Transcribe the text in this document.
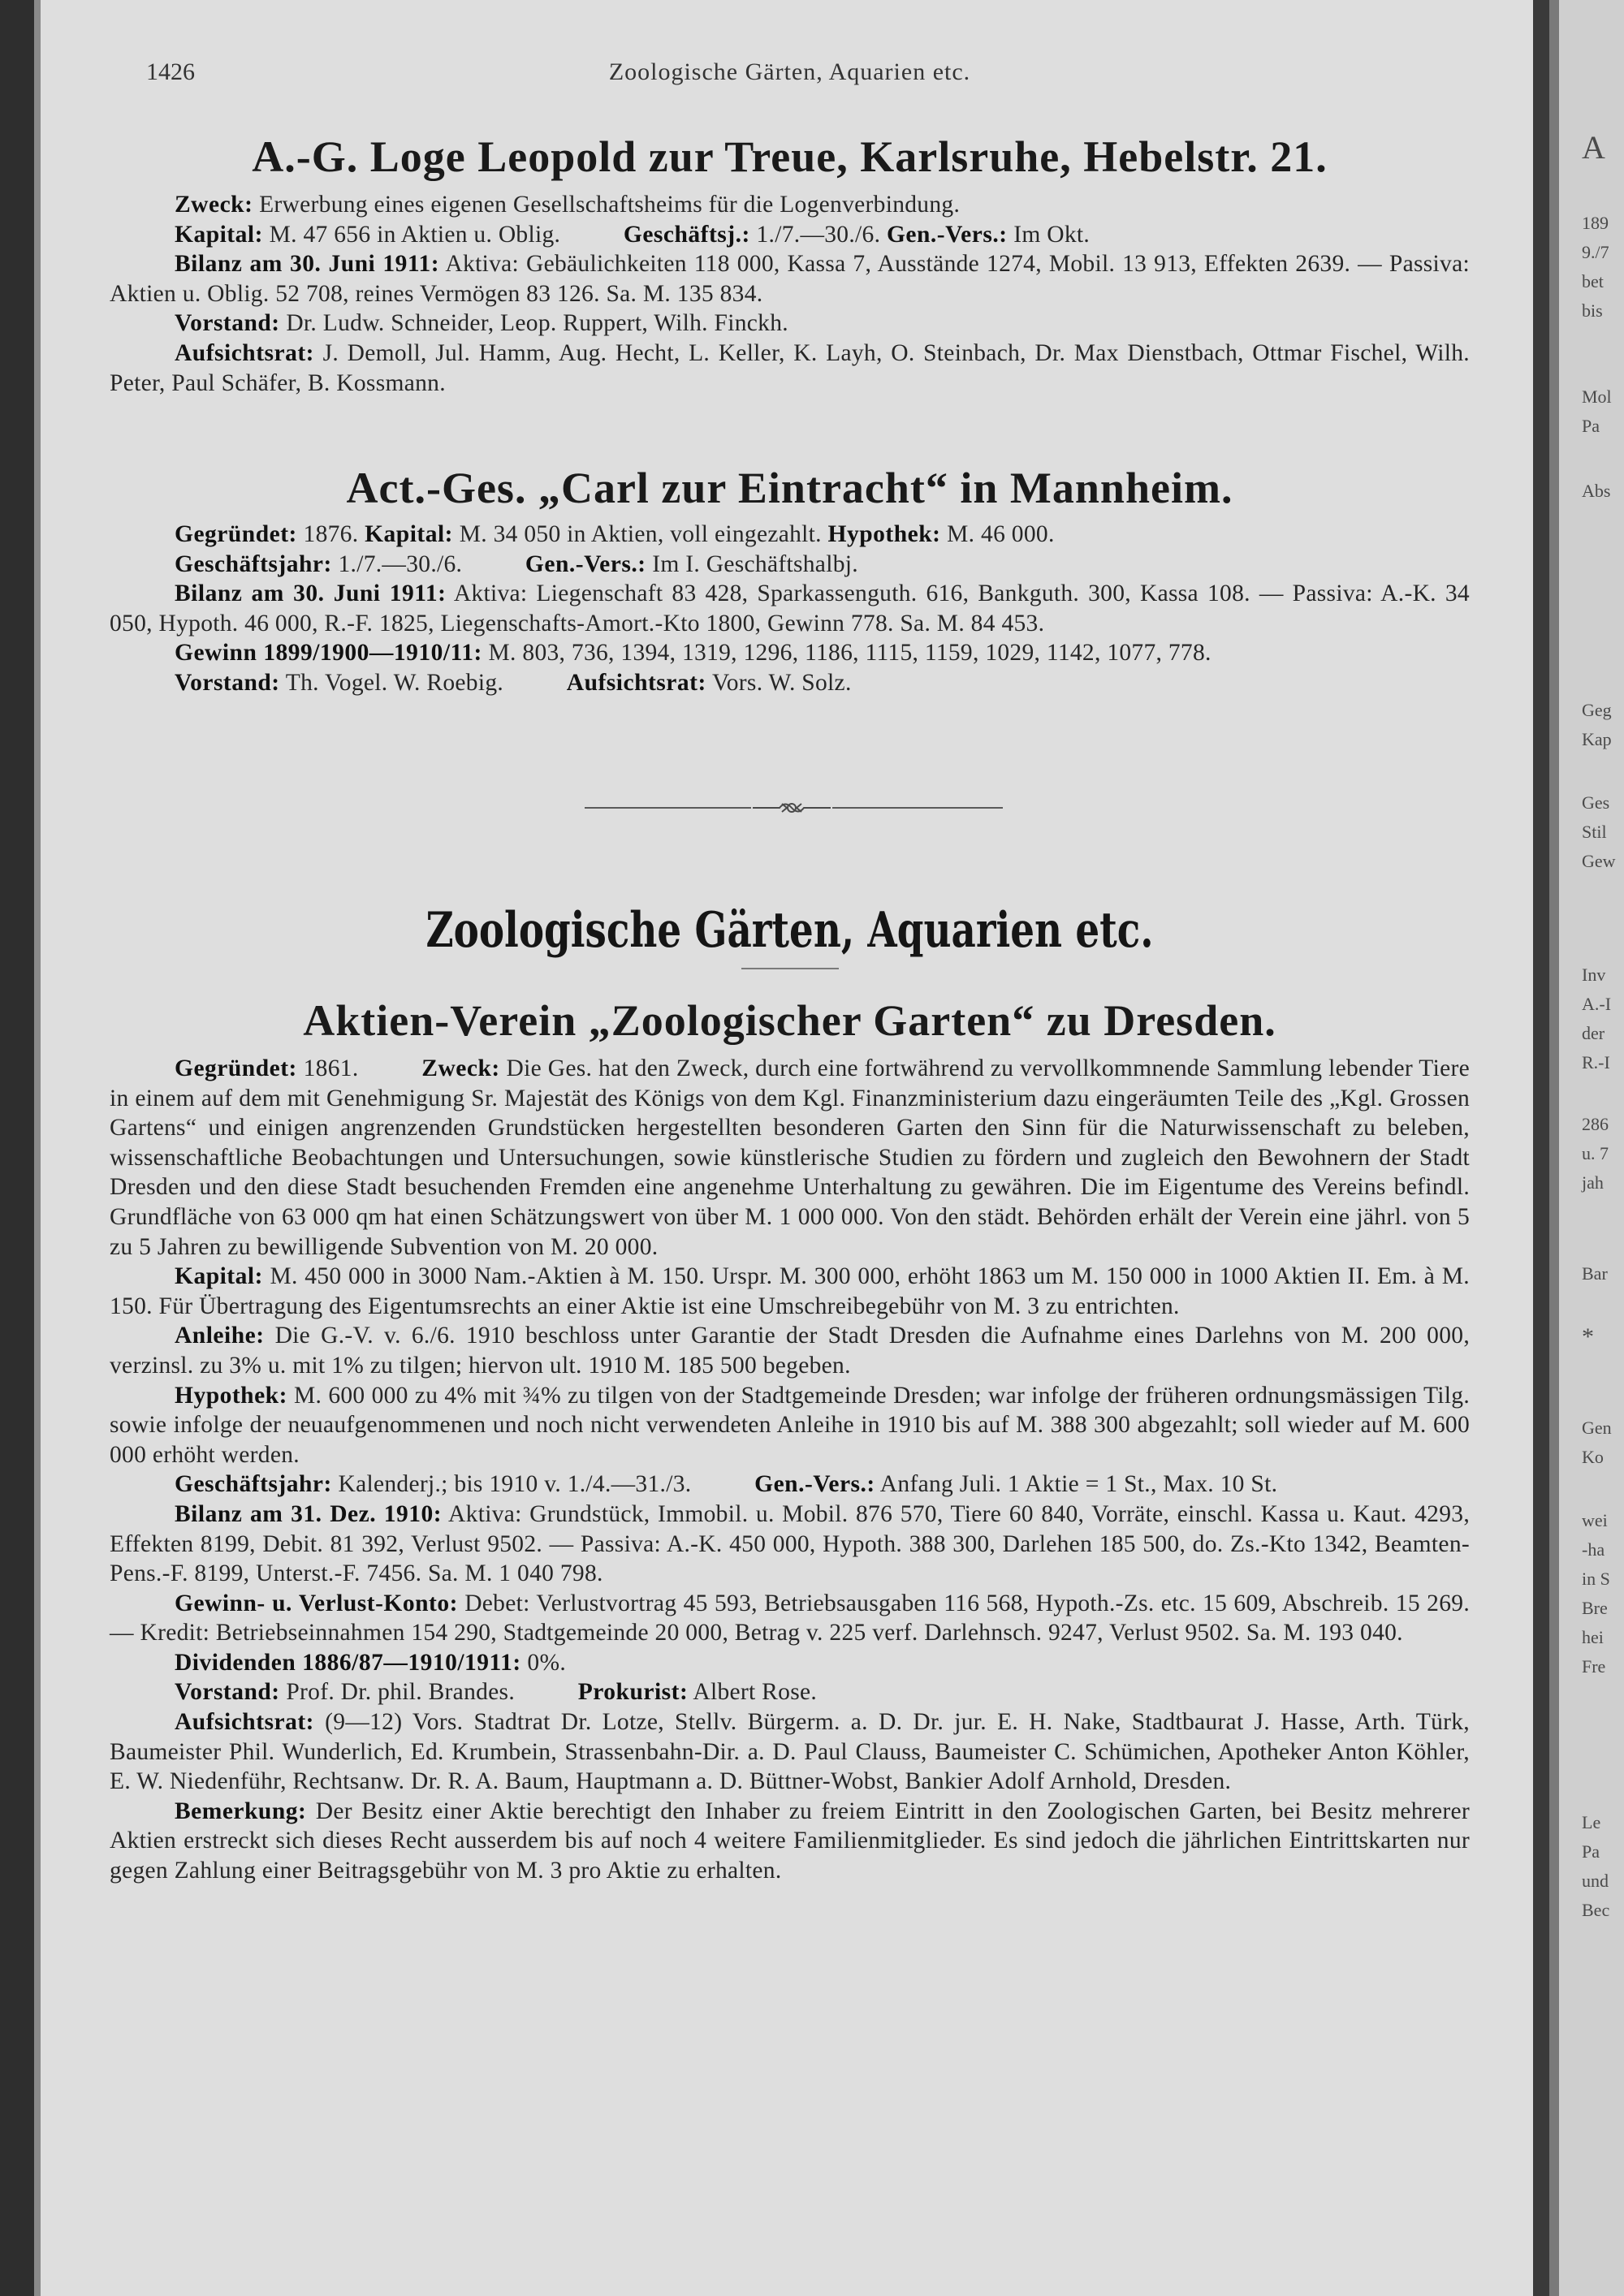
A
189
9./7
bet
bis
Mol
Pa
Abs
Geg
Kap
Ges
Stil
Gew
Inv
A.-I
der
R.-I
286
u. 7
jah
Bar
*
Gen
Ko
wei
-ha
in S
Bre
hei
Fre
Le
Pa
und
Bec
Zoologische Gärten, Aquarien etc.
1426
A.-G. Loge Leopold zur Treue, Karlsruhe, Hebelstr. 21.

Zweck: Erwerbung eines eigenen Gesellschaftsheims für die Logenverbindung.

Kapital: M. 47 656 in Aktien u. Oblig.	Geschäftsj.: 1./7.—30./6. Gen.-Vers.: Im Okt.

Bilanz am 30. Juni 1911: Aktiva: Gebäulichkeiten 118 000, Kassa 7, Ausstände 1274, Mobil. 13 913, Effekten 2639. — Passiva: Aktien u. Oblig. 52 708, reines Vermögen 83 126. Sa. M. 135 834.

Vorstand: Dr. Ludw. Schneider, Leop. Ruppert, Wilh. Finckh.

Aufsichtsrat: J. Demoll, Jul. Hamm, Aug. Hecht, L. Keller, K. Layh, O. Steinbach, Dr. Max Dienstbach, Ottmar Fischel, Wilh. Peter, Paul Schäfer, B. Kossmann.

Act.-Ges. „Carl zur Eintracht“ in Mannheim.

Gegründet: 1876. Kapital: M. 34 050 in Aktien, voll eingezahlt. Hypothek: M. 46 000.

Geschäftsjahr: 1./7.—30./6.	Gen.-Vers.: Im I. Geschäftshalbj.

Bilanz am 30. Juni 1911: Aktiva: Liegenschaft 83 428, Sparkassenguth. 616, Bankguth. 300, Kassa 108. — Passiva: A.-K. 34 050, Hypoth. 46 000, R.-F. 1825, Liegenschafts-Amort.-Kto 1800, Gewinn 778. Sa. M. 84 453.

Gewinn 1899/1900—1910/11: M. 803, 736, 1394, 1319, 1296, 1186, 1115, 1159, 1029, 1142, 1077, 778.

Vorstand: Th. Vogel. W. Roebig.	Aufsichtsrat: Vors. W. Solz.

Zoologische Gärten, Aquarien etc.
Aktien-Verein „Zoologischer Garten“ zu Dresden.

Gegründet: 1861.	Zweck: Die Ges. hat den Zweck, durch eine fortwährend zu vervollkommnende Sammlung lebender Tiere in einem auf dem mit Genehmigung Sr. Majestät des Königs von dem Kgl. Finanzministerium dazu eingeräumten Teile des „Kgl. Grossen Gartens“ und einigen angrenzenden Grundstücken hergestellten besonderen Garten den Sinn für die Naturwissenschaft zu beleben, wissenschaftliche Beobachtungen und Untersuchungen, sowie künstlerische Studien zu fördern und zugleich den Bewohnern der Stadt Dresden und den diese Stadt besuchenden Fremden eine angenehme Unterhaltung zu gewähren. Die im Eigentume des Vereins befindl. Grundfläche von 63 000 qm hat einen Schätzungswert von über M. 1 000 000. Von den städt. Behörden erhält der Verein eine jährl. von 5 zu 5 Jahren zu bewilligende Subvention von M. 20 000.

Kapital: M. 450 000 in 3000 Nam.-Aktien à M. 150. Urspr. M. 300 000, erhöht 1863 um M. 150 000 in 1000 Aktien II. Em. à M. 150. Für Übertragung des Eigentumsrechts an einer Aktie ist eine Umschreibegebühr von M. 3 zu entrichten.

Anleihe: Die G.-V. v. 6./6. 1910 beschloss unter Garantie der Stadt Dresden die Aufnahme eines Darlehns von M. 200 000, verzinsl. zu 3% u. mit 1% zu tilgen; hiervon ult. 1910 M. 185 500 begeben.

Hypothek: M. 600 000 zu 4% mit ¾% zu tilgen von der Stadtgemeinde Dresden; war infolge der früheren ordnungsmässigen Tilg. sowie infolge der neuaufgenommenen und noch nicht verwendeten Anleihe in 1910 bis auf M. 388 300 abgezahlt; soll wieder auf M. 600 000 erhöht werden.

Geschäftsjahr: Kalenderj.; bis 1910 v. 1./4.—31./3.	Gen.-Vers.: Anfang Juli. 1 Aktie = 1 St., Max. 10 St.

Bilanz am 31. Dez. 1910: Aktiva: Grundstück, Immobil. u. Mobil. 876 570, Tiere 60 840, Vorräte, einschl. Kassa u. Kaut. 4293, Effekten 8199, Debit. 81 392, Verlust 9502. — Passiva: A.-K. 450 000, Hypoth. 388 300, Darlehen 185 500, do. Zs.-Kto 1342, Beamten-Pens.-F. 8199, Unterst.-F. 7456. Sa. M. 1 040 798.

Gewinn- u. Verlust-Konto: Debet: Verlustvortrag 45 593, Betriebsausgaben 116 568, Hypoth.-Zs. etc. 15 609, Abschreib. 15 269. — Kredit: Betriebseinnahmen 154 290, Stadtgemeinde 20 000, Betrag v. 225 verf. Darlehnsch. 9247, Verlust 9502. Sa. M. 193 040.

Dividenden 1886/87—1910/1911: 0%.

Vorstand: Prof. Dr. phil. Brandes.	Prokurist: Albert Rose.

Aufsichtsrat: (9—12) Vors. Stadtrat Dr. Lotze, Stellv. Bürgerm. a. D. Dr. jur. E. H. Nake, Stadtbaurat J. Hasse, Arth. Türk, Baumeister Phil. Wunderlich, Ed. Krumbein, Strassenbahn-Dir. a. D. Paul Clauss, Baumeister C. Schümichen, Apotheker Anton Köhler, E. W. Niedenführ, Rechtsanw. Dr. R. A. Baum, Hauptmann a. D. Büttner-Wobst, Bankier Adolf Arnhold, Dresden.

Bemerkung: Der Besitz einer Aktie berechtigt den Inhaber zu freiem Eintritt in den Zoologischen Garten, bei Besitz mehrerer Aktien erstreckt sich dieses Recht ausserdem bis auf noch 4 weitere Familienmitglieder. Es sind jedoch die jährlichen Eintrittskarten nur gegen Zahlung einer Beitragsgebühr von M. 3 pro Aktie zu erhalten.
